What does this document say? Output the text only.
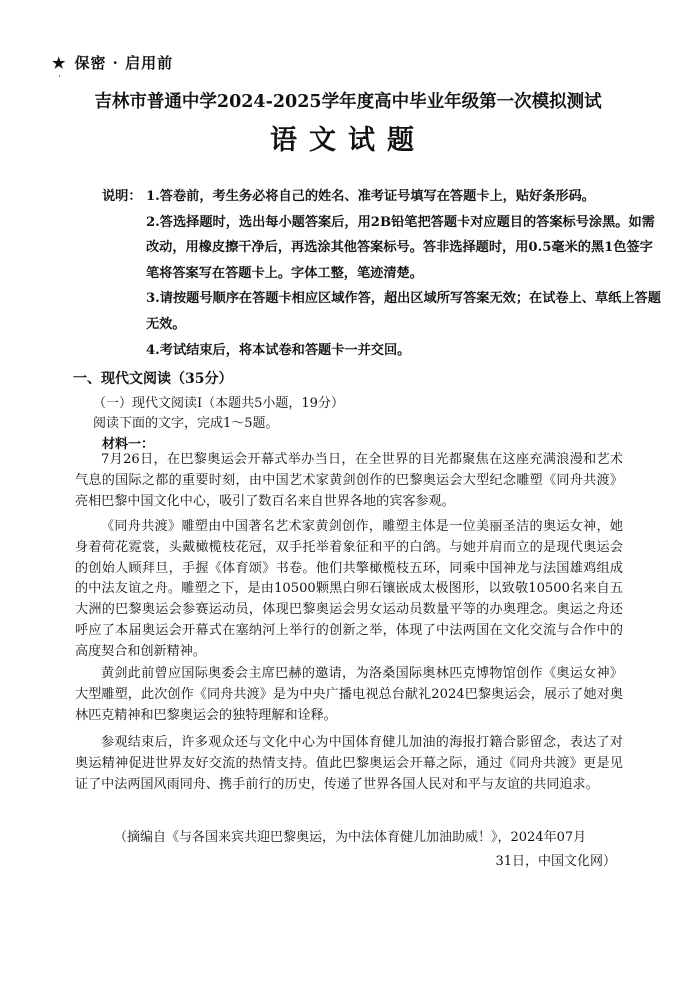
★ 保密 · 启用前
·
吉林市普通中学2024-2025学年度高中毕业年级第一次模拟测试
语文试题
说明： 1.答卷前，考生务必将自己的姓名、准考证号填写在答题卡上，贴好条形码。
2.答选择题时，选出每小题答案后，用2B铅笔把答题卡对应题目的答案标号涂黑。如需改动，用橡皮擦干净后，再选涂其他答案标号。答非选择题时，用0.5毫米的黑1色签字笔将答案写在答题卡上。字体工整，笔迹清楚。
3.请按题号顺序在答题卡相应区域作答，超出区域所写答案无效；在试卷上、草纸上答题无效。
4.考试结束后，将本试卷和答题卡一并交回。
一、现代文阅读（35分）
（一）现代文阅读Ⅰ（本题共5小题，19分）
阅读下面的文字，完成1～5题。
材料一：
7月26日，在巴黎奥运会开幕式举办当日，在全世界的目光都聚焦在这座充满浪漫和艺术气息的国际之都的重要时刻，由中国艺术家黄剑创作的巴黎奥运会大型纪念雕塑《同舟共渡》亮相巴黎中国文化中心，吸引了数百名来自世界各地的宾客参观。
《同舟共渡》雕塑由中国著名艺术家黄剑创作，雕塑主体是一位美丽圣洁的奥运女神，她身着荷花霓裳，头戴橄榄枝花冠，双手托举着象征和平的白鸽。与她并肩而立的是现代奥运会的创始人顾拜旦，手握《体育颂》书卷。他们共擎橄榄枝五环，同乘中国神龙与法国雄鸡组成的中法友谊之舟。雕塑之下，是由10500颗黑白卵石镶嵌成太极图形，以致敬10500名来自五大洲的巴黎奥运会参赛运动员，体现巴黎奥运会男女运动员数量平等的办奥理念。奥运之舟还呼应了本届奥运会开幕式在塞纳河上举行的创新之举，体现了中法两国在文化交流与合作中的高度契合和创新精神。
黄剑此前曾应国际奥委会主席巴赫的邀请，为洛桑国际奥林匹克博物馆创作《奥运女神》大型雕塑，此次创作《同舟共渡》是为中央广播电视总台献礼2024巴黎奥运会，展示了她对奥林匹克精神和巴黎奥运会的独特理解和诠释。
参观结束后，许多观众还与文化中心为中国体育健儿加油的海报打籍合影留念，表达了对奥运精神促进世界友好交流的热情支持。值此巴黎奥运会开幕之际，通过《同舟共渡》更是见证了中法两国风雨同舟、携手前行的历史，传递了世界各国人民对和平与友谊的共同追求。
（摘编自《与各国来宾共迎巴黎奥运，为中法体育健儿加油助威！》，2024年07月
31日，中国文化网）
